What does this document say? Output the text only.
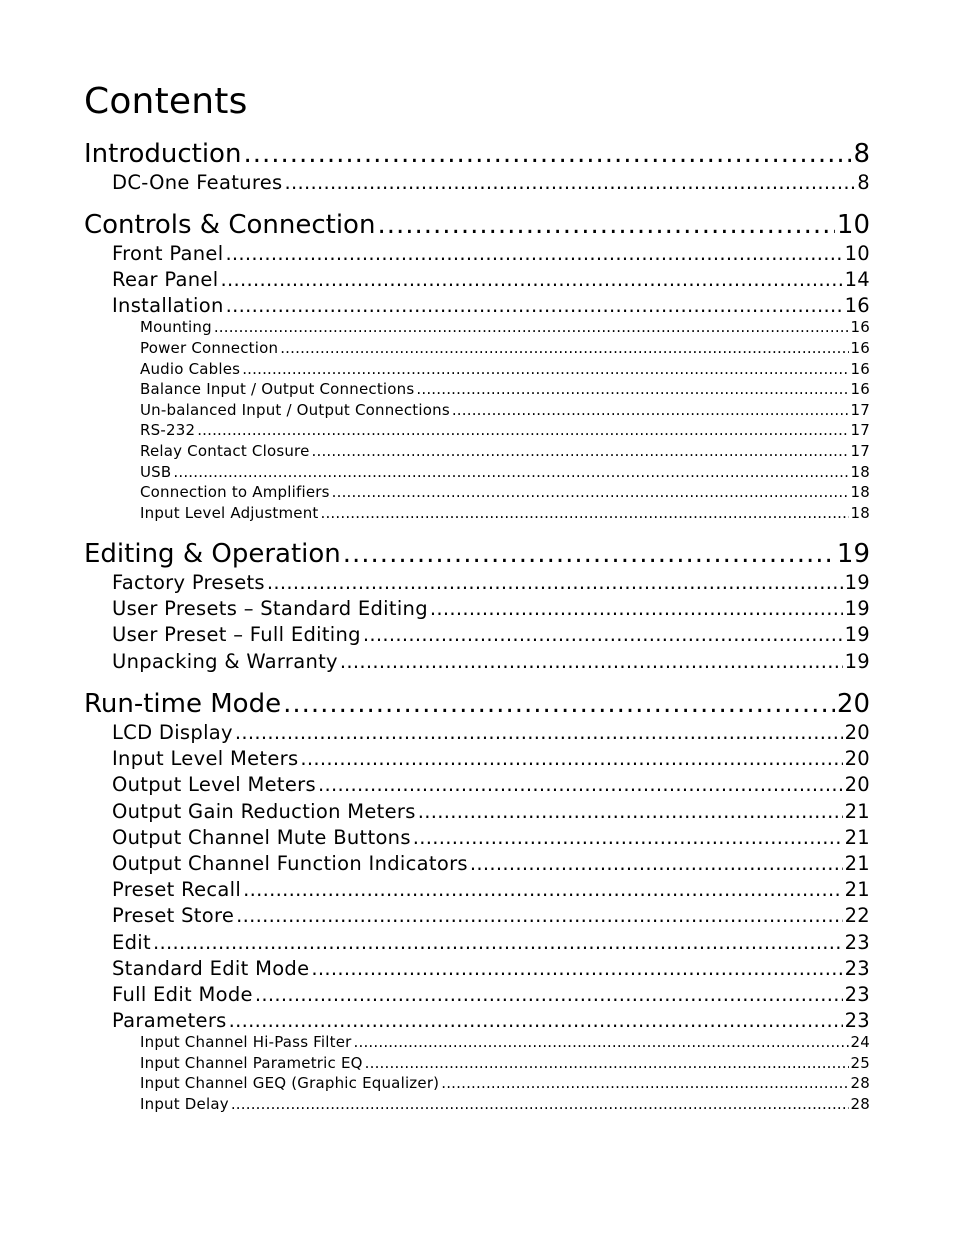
Contents
Introduction .....	8
DC-One Features .....	8
Controls & Connection .....	10
Front Panel .....	10
Rear Panel .....	14
Installation .....	16
Mounting .....	16
Power Connection .....	16
Audio Cables .....	16
Balance Input / Output Connections .....	16
Un-balanced Input / Output Connections .....	17
RS-232 .....	17
Relay Contact Closure .....	17
USB .....	18
Connection to Amplifiers .....	18
Input Level Adjustment .....	18
Editing & Operation .....	19
Factory Presets .....	19
User Presets – Standard Editing .....	19
User Preset – Full Editing .....	19
Unpacking & Warranty .....	19
Run-time Mode .....	20
LCD Display .....	20
Input Level Meters .....	20
Output Level Meters .....	20
Output Gain Reduction Meters .....	21
Output Channel Mute Buttons .....	21
Output Channel Function Indicators .....	21
Preset Recall .....	21
Preset Store .....	22
Edit .....	23
Standard Edit Mode .....	23
Full Edit Mode .....	23
Parameters .....	23
Input Channel Hi-Pass Filter .....	24
Input Channel Parametric EQ .....	25
Input Channel GEQ (Graphic Equalizer) .....	28
Input Delay .....	28
